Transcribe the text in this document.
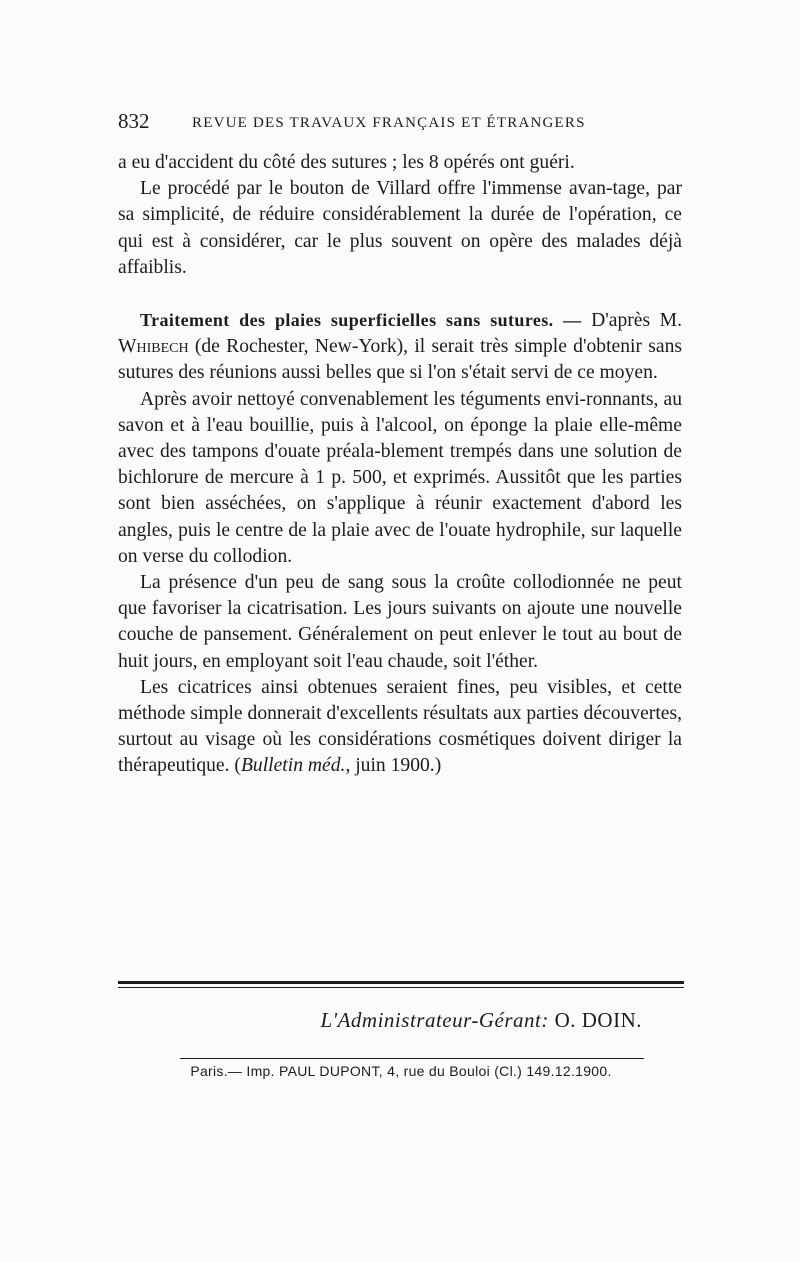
832	REVUE DES TRAVAUX FRANÇAIS ET ÉTRANGERS

a eu d'accident du côté des sutures ; les 8 opérés ont guéri.

Le procédé par le bouton de Villard offre l'immense avan-tage, par sa simplicité, de réduire considérablement la durée de l'opération, ce qui est à considérer, car le plus souvent on opère des malades déjà affaiblis.

Traitement des plaies superficielles sans sutures. — D'après M. Whibech (de Rochester, New-York), il serait très simple d'obtenir sans sutures des réunions aussi belles que si l'on s'était servi de ce moyen.

Après avoir nettoyé convenablement les téguments envi-ronnants, au savon et à l'eau bouillie, puis à l'alcool, on éponge la plaie elle-même avec des tampons d'ouate préala-blement trempés dans une solution de bichlorure de mercure à 1 p. 500, et exprimés. Aussitôt que les parties sont bien asséchées, on s'applique à réunir exactement d'abord les angles, puis le centre de la plaie avec de l'ouate hydrophile, sur laquelle on verse du collodion.

La présence d'un peu de sang sous la croûte collodionnée ne peut que favoriser la cicatrisation. Les jours suivants on ajoute une nouvelle couche de pansement. Généralement on peut enlever le tout au bout de huit jours, en employant soit l'eau chaude, soit l'éther.

Les cicatrices ainsi obtenues seraient fines, peu visibles, et cette méthode simple donnerait d'excellents résultats aux parties découvertes, surtout au visage où les considérations cosmétiques doivent diriger la thérapeutique. (Bulletin méd., juin 1900.)

L'Administrateur-Gérant: O. DOIN.
Paris.— Imp. PAUL DUPONT, 4, rue du Bouloi (Cl.) 149.12.1900.
